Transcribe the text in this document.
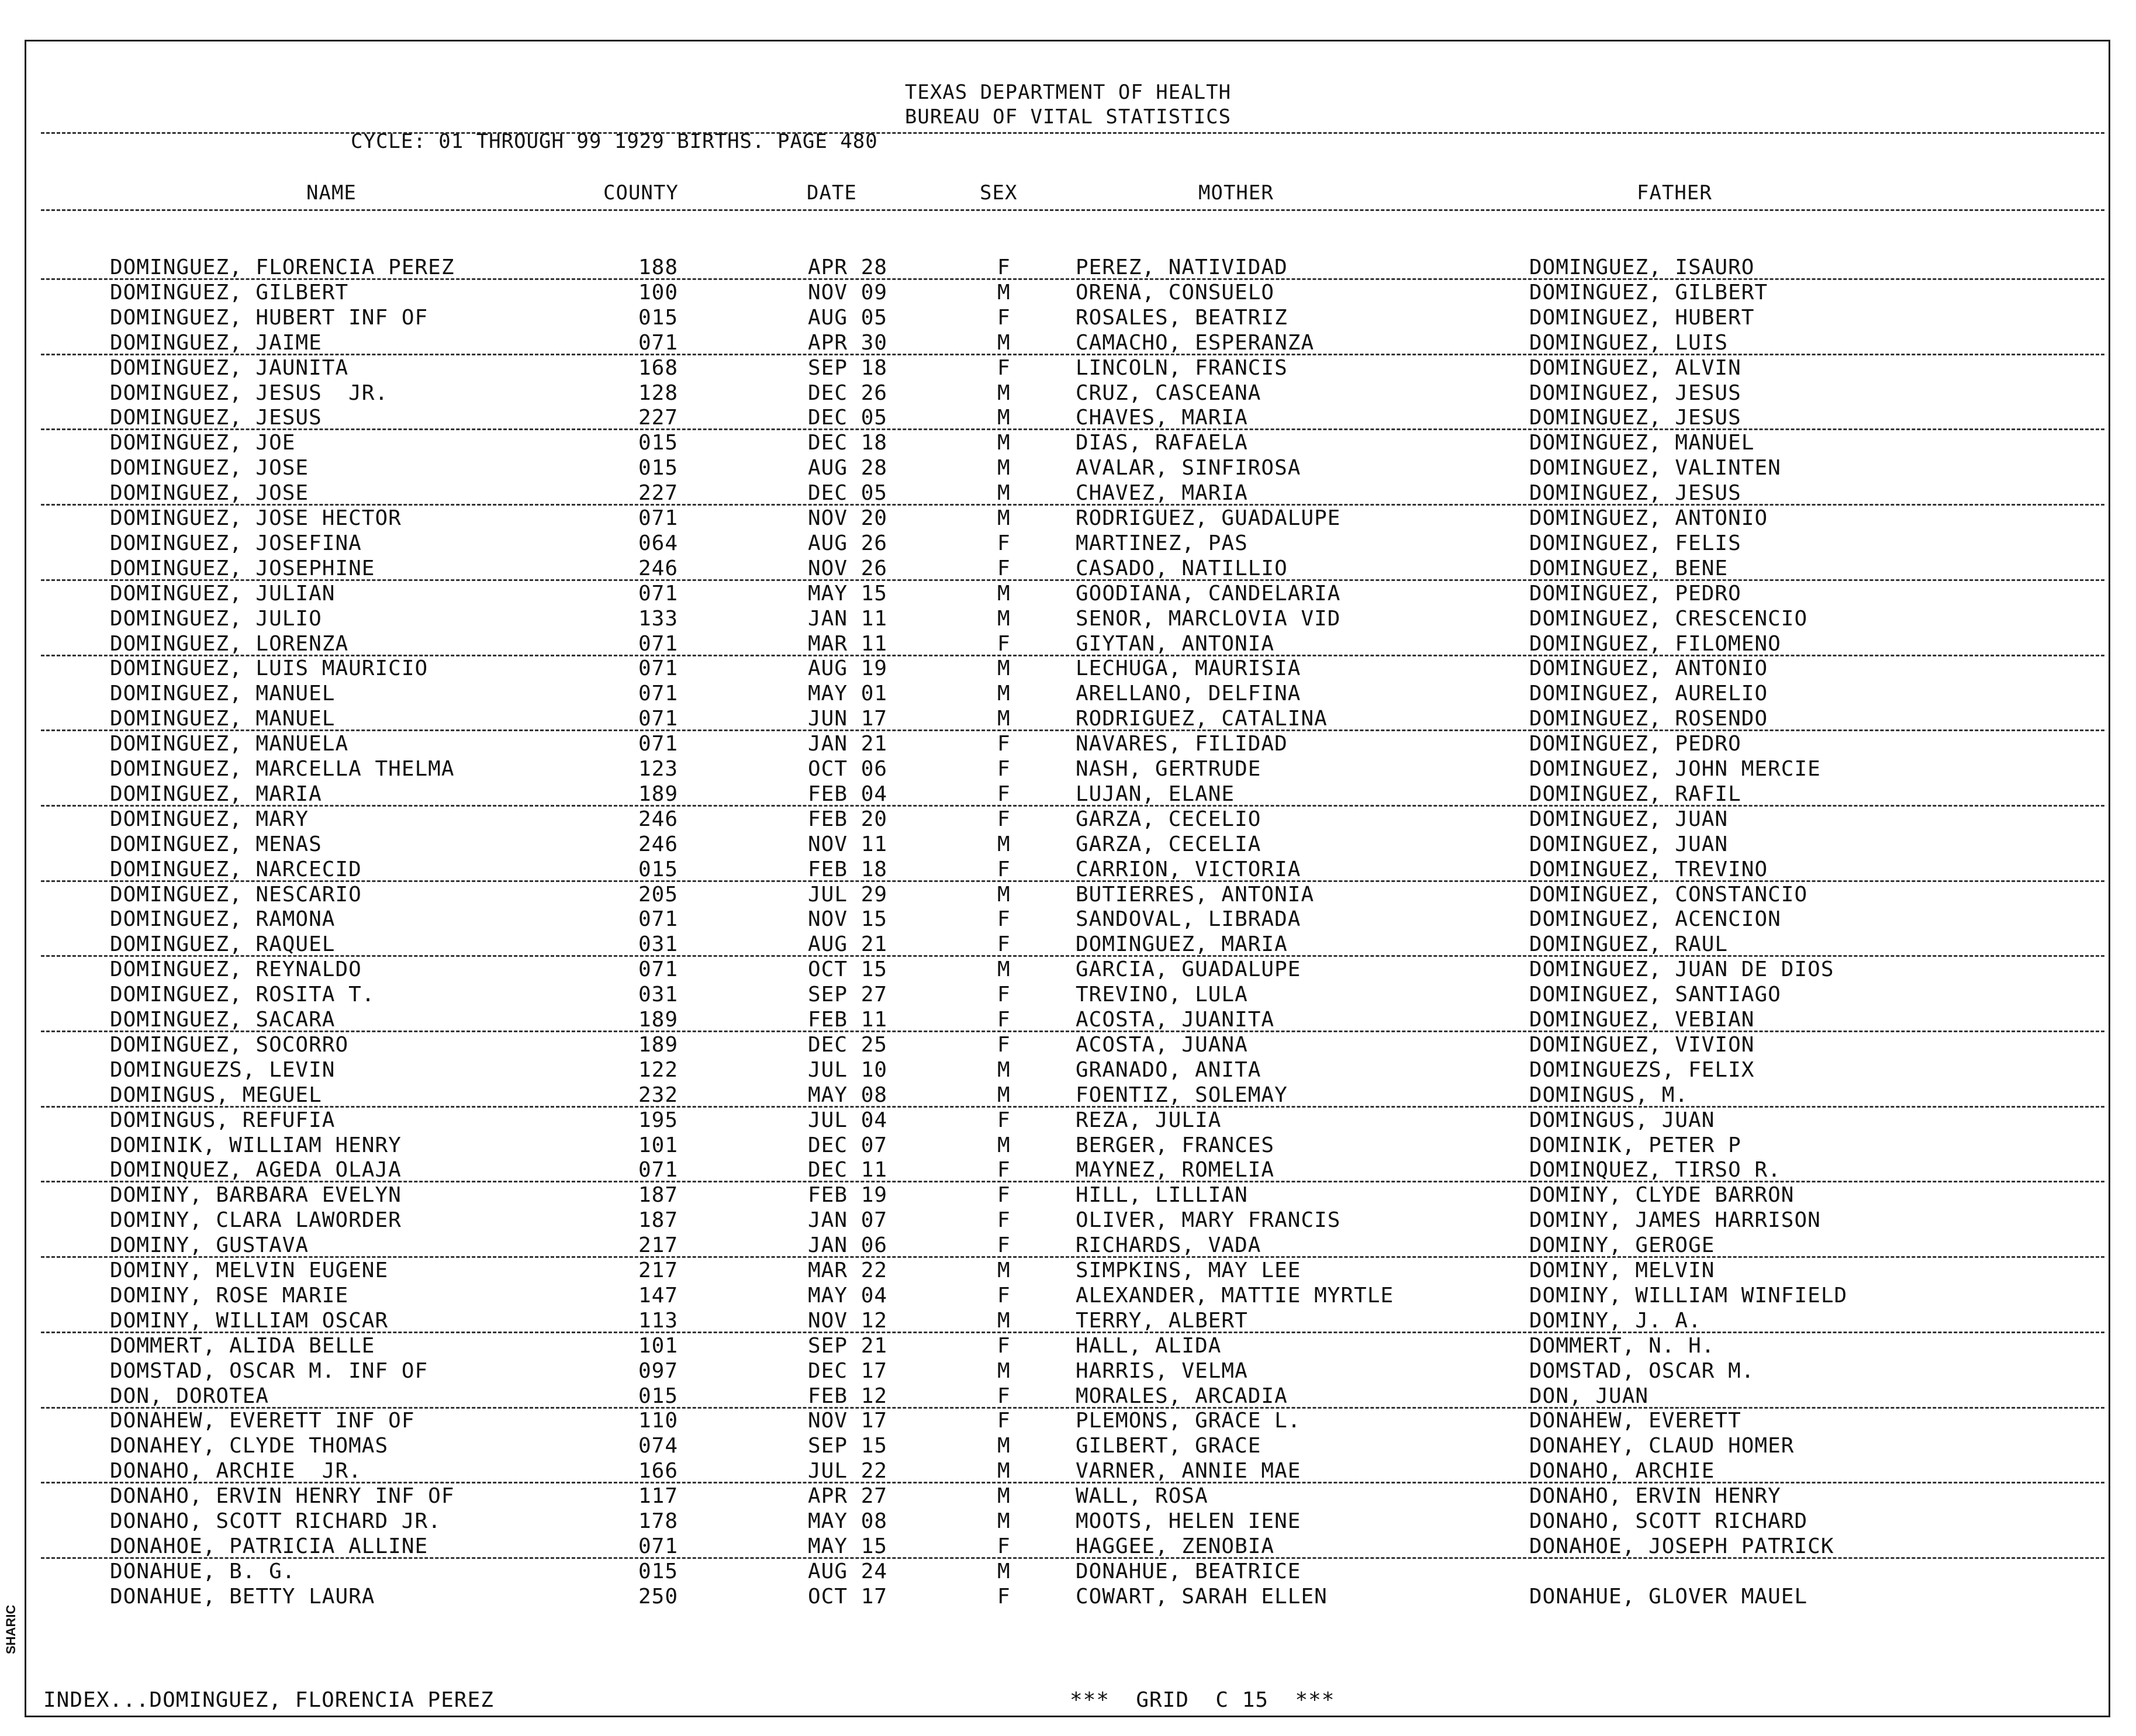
TEXAS DEPARTMENT OF HEALTH
BUREAU OF VITAL STATISTICS
CYCLE: 01 THROUGH 99 1929 BIRTHS. PAGE 480
NAME	COUNTY	DATE	SEX	MOTHER	FATHER
DOMINGUEZ, FLORENCIA PEREZ	188	APR 28	F	PEREZ, NATIVIDAD	DOMINGUEZ, ISAURO
DOMINGUEZ, GILBERT	100	NOV 09	M	ORENA, CONSUELO	DOMINGUEZ, GILBERT
DOMINGUEZ, HUBERT INF OF	015	AUG 05	F	ROSALES, BEATRIZ	DOMINGUEZ, HUBERT
DOMINGUEZ, JAIME	071	APR 30	M	CAMACHO, ESPERANZA	DOMINGUEZ, LUIS
DOMINGUEZ, JAUNITA	168	SEP 18	F	LINCOLN, FRANCIS	DOMINGUEZ, ALVIN
DOMINGUEZ, JESUS  JR.	128	DEC 26	M	CRUZ, CASCEANA	DOMINGUEZ, JESUS
DOMINGUEZ, JESUS	227	DEC 05	M	CHAVES, MARIA	DOMINGUEZ, JESUS
DOMINGUEZ, JOE	015	DEC 18	M	DIAS, RAFAELA	DOMINGUEZ, MANUEL
DOMINGUEZ, JOSE	015	AUG 28	M	AVALAR, SINFIROSA	DOMINGUEZ, VALINTEN
DOMINGUEZ, JOSE	227	DEC 05	M	CHAVEZ, MARIA	DOMINGUEZ, JESUS
DOMINGUEZ, JOSE HECTOR	071	NOV 20	M	RODRIGUEZ, GUADALUPE	DOMINGUEZ, ANTONIO
DOMINGUEZ, JOSEFINA	064	AUG 26	F	MARTINEZ, PAS	DOMINGUEZ, FELIS
DOMINGUEZ, JOSEPHINE	246	NOV 26	F	CASADO, NATILLIO	DOMINGUEZ, BENE
DOMINGUEZ, JULIAN	071	MAY 15	M	GOODIANA, CANDELARIA	DOMINGUEZ, PEDRO
DOMINGUEZ, JULIO	133	JAN 11	M	SENOR, MARCLOVIA VID	DOMINGUEZ, CRESCENCIO
DOMINGUEZ, LORENZA	071	MAR 11	F	GIYTAN, ANTONIA	DOMINGUEZ, FILOMENO
DOMINGUEZ, LUIS MAURICIO	071	AUG 19	M	LECHUGA, MAURISIA	DOMINGUEZ, ANTONIO
DOMINGUEZ, MANUEL	071	MAY 01	M	ARELLANO, DELFINA	DOMINGUEZ, AURELIO
DOMINGUEZ, MANUEL	071	JUN 17	M	RODRIGUEZ, CATALINA	DOMINGUEZ, ROSENDO
DOMINGUEZ, MANUELA	071	JAN 21	F	NAVARES, FILIDAD	DOMINGUEZ, PEDRO
DOMINGUEZ, MARCELLA THELMA	123	OCT 06	F	NASH, GERTRUDE	DOMINGUEZ, JOHN MERCIE
DOMINGUEZ, MARIA	189	FEB 04	F	LUJAN, ELANE	DOMINGUEZ, RAFIL
DOMINGUEZ, MARY	246	FEB 20	F	GARZA, CECELIO	DOMINGUEZ, JUAN
DOMINGUEZ, MENAS	246	NOV 11	M	GARZA, CECELIA	DOMINGUEZ, JUAN
DOMINGUEZ, NARCECID	015	FEB 18	F	CARRION, VICTORIA	DOMINGUEZ, TREVINO
DOMINGUEZ, NESCARIO	205	JUL 29	M	BUTIERRES, ANTONIA	DOMINGUEZ, CONSTANCIO
DOMINGUEZ, RAMONA	071	NOV 15	F	SANDOVAL, LIBRADA	DOMINGUEZ, ACENCION
DOMINGUEZ, RAQUEL	031	AUG 21	F	DOMINGUEZ, MARIA	DOMINGUEZ, RAUL
DOMINGUEZ, REYNALDO	071	OCT 15	M	GARCIA, GUADALUPE	DOMINGUEZ, JUAN DE DIOS
DOMINGUEZ, ROSITA T.	031	SEP 27	F	TREVINO, LULA	DOMINGUEZ, SANTIAGO
DOMINGUEZ, SACARA	189	FEB 11	F	ACOSTA, JUANITA	DOMINGUEZ, VEBIAN
DOMINGUEZ, SOCORRO	189	DEC 25	F	ACOSTA, JUANA	DOMINGUEZ, VIVION
DOMINGUEZS, LEVIN	122	JUL 10	M	GRANADO, ANITA	DOMINGUEZS, FELIX
DOMINGUS, MEGUEL	232	MAY 08	M	FOENTIZ, SOLEMAY	DOMINGUS, M.
DOMINGUS, REFUFIA	195	JUL 04	F	REZA, JULIA	DOMINGUS, JUAN
DOMINIK, WILLIAM HENRY	101	DEC 07	M	BERGER, FRANCES	DOMINIK, PETER P
DOMINQUEZ, AGEDA OLAJA	071	DEC 11	F	MAYNEZ, ROMELIA	DOMINQUEZ, TIRSO R.
DOMINY, BARBARA EVELYN	187	FEB 19	F	HILL, LILLIAN	DOMINY, CLYDE BARRON
DOMINY, CLARA LAWORDER	187	JAN 07	F	OLIVER, MARY FRANCIS	DOMINY, JAMES HARRISON
DOMINY, GUSTAVA	217	JAN 06	F	RICHARDS, VADA	DOMINY, GEROGE
DOMINY, MELVIN EUGENE	217	MAR 22	M	SIMPKINS, MAY LEE	DOMINY, MELVIN
DOMINY, ROSE MARIE	147	MAY 04	F	ALEXANDER, MATTIE MYRTLE	DOMINY, WILLIAM WINFIELD
DOMINY, WILLIAM OSCAR	113	NOV 12	M	TERRY, ALBERT	DOMINY, J. A.
DOMMERT, ALIDA BELLE	101	SEP 21	F	HALL, ALIDA	DOMMERT, N. H.
DOMSTAD, OSCAR M. INF OF	097	DEC 17	M	HARRIS, VELMA	DOMSTAD, OSCAR M.
DON, DOROTEA	015	FEB 12	F	MORALES, ARCADIA	DON, JUAN
DONAHEW, EVERETT INF OF	110	NOV 17	F	PLEMONS, GRACE L.	DONAHEW, EVERETT
DONAHEY, CLYDE THOMAS	074	SEP 15	M	GILBERT, GRACE	DONAHEY, CLAUD HOMER
DONAHO, ARCHIE  JR.	166	JUL 22	M	VARNER, ANNIE MAE	DONAHO, ARCHIE
DONAHO, ERVIN HENRY INF OF	117	APR 27	M	WALL, ROSA	DONAHO, ERVIN HENRY
DONAHO, SCOTT RICHARD JR.	178	MAY 08	M	MOOTS, HELEN IENE	DONAHO, SCOTT RICHARD
DONAHOE, PATRICIA ALLINE	071	MAY 15	F	HAGGEE, ZENOBIA	DONAHOE, JOSEPH PATRICK
DONAHUE, B. G.	015	AUG 24	M	DONAHUE, BEATRICE
DONAHUE, BETTY LAURA	250	OCT 17	F	COWART, SARAH ELLEN	DONAHUE, GLOVER MAUEL
INDEX...DOMINGUEZ, FLORENCIA PEREZ	***  GRID  C 15  ***
SHARIC
